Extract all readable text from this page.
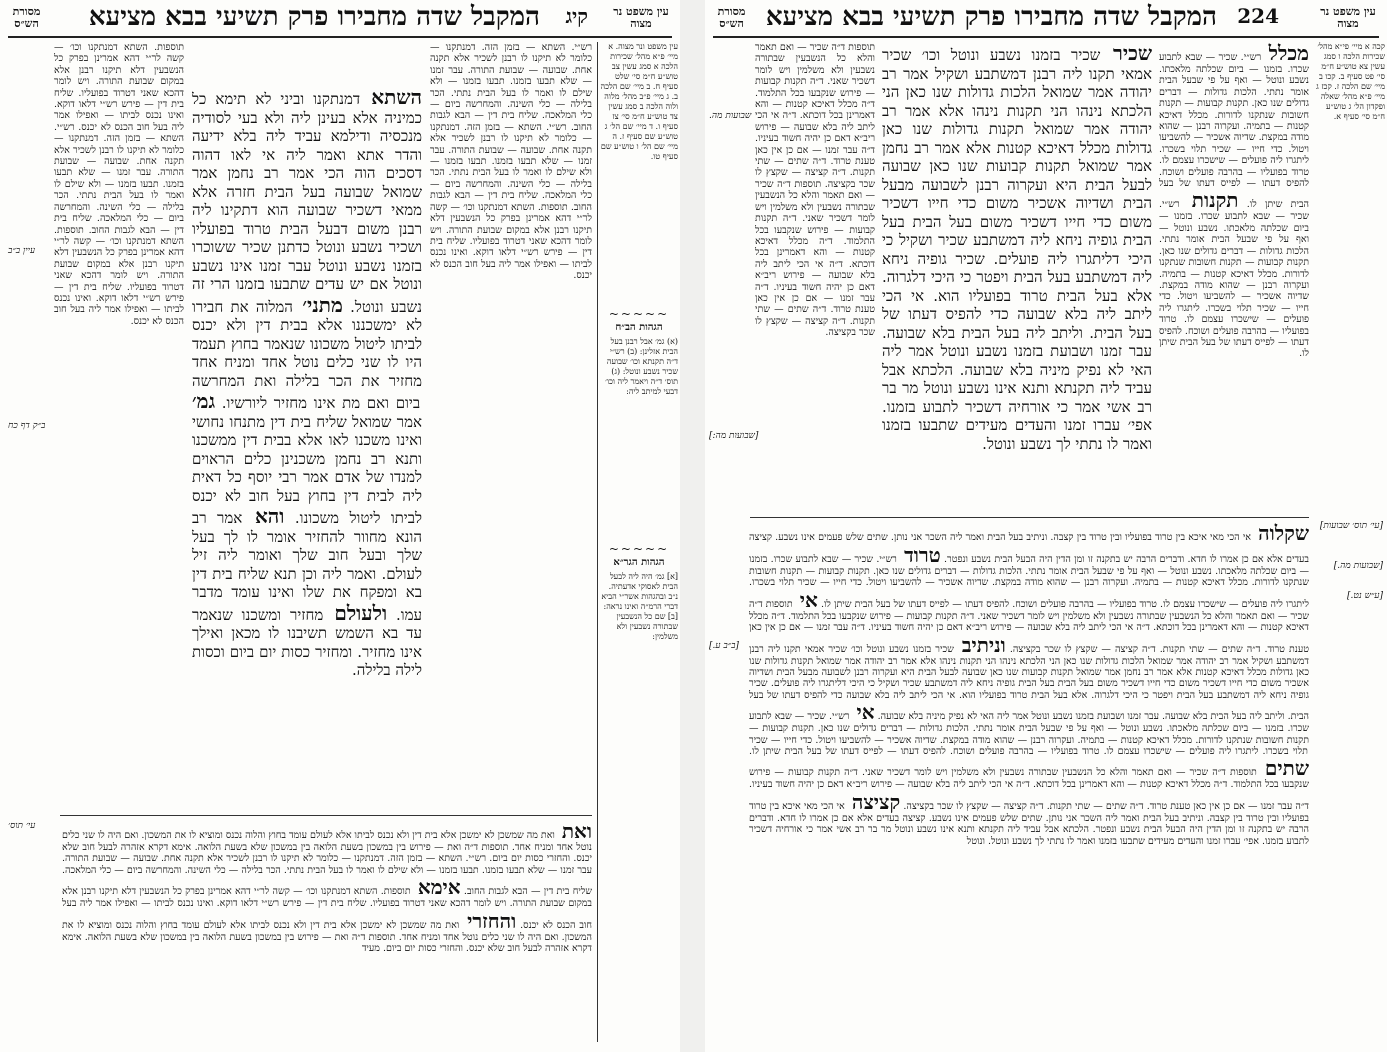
עין משפט נר מצוה
קיג
המקבל שדה מחבירו פרק תשיעי בבא מציעא
מסורת הש״ס
עין משפט ונר מצוה. א מיי׳ פ״א מהל׳ שכירות הלכה א סמג עשין צב טוש״ע ח״מ סי׳ שלט סעיף ח. ב מיי׳ שם הלכה ב. ג מיי׳ פ״ב מהל׳ מלוה ולוה הלכה ב סמג עשין צד טוש״ע ח״מ סי׳ צז סעיף ו. ד מיי׳ שם הל׳ ג טוש״ע שם סעיף ז. ה מיי׳ שם הל׳ ו טוש״ע שם סעיף טו.
~~~~~
הגהות הב״ח
(א) גמ׳ אבל רבנן בעל הבית אזלינן: (ב) רש״י ד״ה תקנתא וכו׳ שבועה שכיר נשבע ונוטל: (ג) תוס׳ ד״ה ויאמר ליה וכו׳ דבעי למיתב ליה:
~~~~~
הגהות הגר״א
[א] גמ׳ היה ליה לבעל הבית לאסוקי אדעתיה. נ״ב ובהגהות אשר״י הביא דברי הרמ״ה ואינו נראה: [ב] שם כל הנשבעין שבתורה נשבעין ולא משלמין:
רש״י. השתא — בזמן הזה. דמנתקנו — כלומר לא תיקנו לו רבנן לשכיר אלא תקנה אחת. שבועה — שבועת התורה. עבר זמנו — שלא תבעו בזמנו. תבעו בזמנו — ולא שילם לו ואמר לו בעל הבית נתתי. הכר בלילה — כלי השינה. והמחרשה ביום — כלי המלאכה. שליח בית דין — הבא לגבות החוב. רש״י. השתא — בזמן הזה. דמנתקנו — כלומר לא תיקנו לו רבנן לשכיר אלא תקנה אחת. שבועה — שבועת התורה. עבר זמנו — שלא תבעו בזמנו. תבעו בזמנו — ולא שילם לו ואמר לו בעל הבית נתתי. הכר בלילה — כלי השינה. והמחרשה ביום — כלי המלאכה. שליח בית דין — הבא לגבות החוב. תוספות. השתא דמנתקנו וכו׳ — קשה לר״י דהא אמרינן בפרק כל הנשבעין דלא תיקנו רבנן אלא במקום שבועת התורה. ויש לומר דהכא שאני דטרוד בפועליו. שליח בית דין — פירש רש״י דלאו דוקא. ואינו נכנס לביתו — ואפילו אמר ליה בעל חוב הכנס לא יכנס.
השתא דמנתקנו וביני לא תימא כל כמיניה אלא בעינן ליה ולא בעי לסודיה מנכסיה ודילמא עביד ליה בלא ידיעה והדר אתא ואמר ליה אי לאו דהוה דסכים הוה הכי אמר רב נחמן אמר שמואל שבועה בעל הבית חזרה אלא ממאי דשכיר שבועה הוא דתקינו ליה רבנן משום דבעל הבית טרוד בפועליו ושכיר נשבע ונוטל כדתנן שכיר ששוכרו בזמנו נשבע ונוטל עבר זמנו אינו נשבע ונוטל אם יש עדים שתבעו בזמנו הרי זה נשבע ונוטל. מתני׳ המלוה את חבירו לא ימשכננו אלא בבית דין ולא יכנס לביתו ליטול משכונו שנאמר בחוץ תעמד היו לו שני כלים נוטל אחד ומניח אחד מחזיר את הכר בלילה ואת המחרשה ביום ואם מת אינו מחזיר ליורשיו. גמ׳ אמר שמואל שליח בית דין מתנחו נחושי ואינו משכנו לאו אלא בבית דין ממשכנו ותנא רב נחמן משכנינן כלים הראוים למנדו של אדם אמר רבי יוסף כל דאית ליה לבית דין בחוץ בעל חוב לא יכנס לביתו ליטול משכונו. והא אמר רב הונא מחוור להחזיר אומר לו לך בעל שלך ובעל חוב שלך ואומר ליה זיל לעולם. ואמר ליה וכן תנא שליח בית דין בא ומפקח את שלו ואינו עומד מדבר עמו. ולעולם מחזיר ומשכנו שנאמר עד בא השמש תשיבנו לו מכאן ואילך אינו מחזיר. ומחזיר כסות יום ביום וכסות לילה בלילה.
תוספות. השתא דמנתקנו וכו׳ — קשה לר״י דהא אמרינן בפרק כל הנשבעין דלא תיקנו רבנן אלא במקום שבועת התורה. ויש לומר דהכא שאני דטרוד בפועליו. שליח בית דין — פירש רש״י דלאו דוקא. ואינו נכנס לביתו — ואפילו אמר ליה בעל חוב הכנס לא יכנס. רש״י. השתא — בזמן הזה. דמנתקנו — כלומר לא תיקנו לו רבנן לשכיר אלא תקנה אחת. שבועה — שבועת התורה. עבר זמנו — שלא תבעו בזמנו. תבעו בזמנו — ולא שילם לו ואמר לו בעל הבית נתתי. הכר בלילה — כלי השינה. והמחרשה ביום — כלי המלאכה. שליח בית דין — הבא לגבות החוב. תוספות. השתא דמנתקנו וכו׳ — קשה לר״י דהא אמרינן בפרק כל הנשבעין דלא תיקנו רבנן אלא במקום שבועת התורה. ויש לומר דהכא שאני דטרוד בפועליו. שליח בית דין — פירש רש״י דלאו דוקא. ואינו נכנס לביתו — ואפילו אמר ליה בעל חוב הכנס לא יכנס.
עיין ב״ב
ב״ק דף כח
עי׳ תוס׳	ואת ואת מה שמשכן לא ימשכן אלא בית דין ולא נכנס לביתו אלא לעולם עומד בחוץ והלוה נכנס ומוציא לו את המשכון. ואם היה לו שני כלים נוטל אחד ומניח אחד. תוספות ד״ה ואת — פירוש בין במשכון בשעת הלואה בין במשכון שלא בשעת הלואה. אימא דקרא אזהרה לבעל חוב שלא יכנס. והחזרי כסות יום ביום. רש״י. השתא — בזמן הזה. דמנתקנו — כלומר לא תיקנו לו רבנן לשכיר אלא תקנה אחת. שבועה — שבועת התורה. עבר זמנו — שלא תבעו בזמנו. תבעו בזמנו — ולא שילם לו ואמר לו בעל הבית נתתי. הכר בלילה — כלי השינה. והמחרשה ביום — כלי המלאכה. שליח בית דין — הבא לגבות החוב. אימא תוספות. השתא דמנתקנו וכו׳ — קשה לר״י דהא אמרינן בפרק כל הנשבעין דלא תיקנו רבנן אלא במקום שבועת התורה. ויש לומר דהכא שאני דטרוד בפועליו. שליח בית דין — פירש רש״י דלאו דוקא. ואינו נכנס לביתו — ואפילו אמר ליה בעל חוב הכנס לא יכנס. והחזרי ואת מה שמשכן לא ימשכן אלא בית דין ולא נכנס לביתו אלא לעולם עומד בחוץ והלוה נכנס ומוציא לו את המשכון. ואם היה לו שני כלים נוטל אחד ומניח אחד. תוספות ד״ה ואת — פירוש בין במשכון בשעת הלואה בין במשכון שלא בשעת הלואה. אימא דקרא אזהרה לבעל חוב שלא יכנס. והחזרי כסות יום ביום. מעיד
עין משפט נר מצוה
224
המקבל שדה מחבירו פרק תשיעי בבא מציעא
מסורת הש״ס
קכה א מיי׳ פי״א מהל׳ שכירות הלכה ו סמג עשין צא טוש״ע ח״מ סי׳ פט סעיף ב. קכו ב מיי׳ שם הלכה ז. קכז ג מיי׳ פ״א מהל׳ שאלה ופקדון הל׳ ג טוש״ע ח״מ סי׳ סעיף א.
מכלל רש״י. שכיר — שבא לתבוע שכרו. בזמנו — ביום שכלתה מלאכתו. נשבע ונוטל — ואף על פי שבעל הבית אומר נתתי. הלכות גדולות — דברים גדולים שנו כאן. תקנות קבועות — תקנות חשובות שנתקנו לדורות. מכלל דאיכא קטנות — בתמיה. ועקרוה רבנן — שהוא מודה במקצת. שדיוה אשכיר — להשביעו ויטול. כדי חייו — שכיר תלוי בשכרו. ליתגרו ליה פועלים — שישכרו עצמם לו. טרוד בפועליו — בהרבה פועלים ושוכח. להפיס דעתו — לפייס דעתו של בעל הבית שיתן לו. תקנות רש״י. שכיר — שבא לתבוע שכרו. בזמנו — ביום שכלתה מלאכתו. נשבע ונוטל — ואף על פי שבעל הבית אומר נתתי. הלכות גדולות — דברים גדולים שנו כאן. תקנות קבועות — תקנות חשובות שנתקנו לדורות. מכלל דאיכא קטנות — בתמיה. ועקרוה רבנן — שהוא מודה במקצת. שדיוה אשכיר — להשביעו ויטול. כדי חייו — שכיר תלוי בשכרו. ליתגרו ליה פועלים — שישכרו עצמם לו. טרוד בפועליו — בהרבה פועלים ושוכח. להפיס דעתו — לפייס דעתו של בעל הבית שיתן לו.
שכיר שכיר בזמנו נשבע ונוטל וכו׳ שכיר אמאי תקנו ליה רבנן דמשתבע ושקיל אמר רב יהודה אמר שמואל הלכות גדולות שנו כאן הני הלכתא נינהו הני תקנות נינהו אלא אמר רב יהודה אמר שמואל תקנות גדולות שנו כאן גדולות מכלל דאיכא קטנות אלא אמר רב נחמן אמר שמואל תקנות קבועות שנו כאן שבועה לבעל הבית היא ועקרוה רבנן לשבועה מבעל הבית ושדיוה אשכיר משום כדי חייו דשכיר משום כדי חייו דשכיר משום בעל הבית בעל הבית גופיה ניחא ליה דמשתבע שכיר ושקיל כי היכי דליתגרו ליה פועלים. שכיר גופיה ניחא ליה דמשתבע בעל הבית ויפטר כי היכי דלגרוה. אלא בעל הבית טרוד בפועליו הוא. אי הכי ליתב ליה בלא שבועה כדי להפיס דעתו של בעל הבית. וליתב ליה בעל הבית בלא שבועה. עבר זמנו ושבועת בזמנו נשבע ונוטל אמר ליה האי לא נפיק מיניה בלא שבועה. הלכתא אבל עביד ליה תקנתא ותנא אינו נשבע ונוטל מר בר רב אשי אמר כי אורחיה דשכיר לתבוע בזמנו. אפי׳ עברו זמנו והעדים מעידים שתבעו בזמנו ואמר לו נתתי לך נשבע ונוטל.
תוספות ד״ה שכיר — ואם תאמר והלא כל הנשבעין שבתורה נשבעין ולא משלמין ויש לומר דשכיר שאני. ד״ה תקנות קבועות — פירוש שנקבעו בכל התלמוד. ד״ה מכלל דאיכא קטנות — והא דאמרינן בכל דוכתא. ד״ה אי הכי ליתב ליה בלא שבועה — פירוש ריב״א דאם כן יהיה חשוד בעיניו. ד״ה עבר זמנו — אם כן אין כאן טענת טרוד. ד״ה שתים — שתי תקנות. ד״ה קציצה — שקצץ לו שכר בקציצה. תוספות ד״ה שכיר — ואם תאמר והלא כל הנשבעין שבתורה נשבעין ולא משלמין ויש לומר דשכיר שאני. ד״ה תקנות קבועות — פירוש שנקבעו בכל התלמוד. ד״ה מכלל דאיכא קטנות — והא דאמרינן בכל דוכתא. ד״ה אי הכי ליתב ליה בלא שבועה — פירוש ריב״א דאם כן יהיה חשוד בעיניו. ד״ה עבר זמנו — אם כן אין כאן טענת טרוד. ד״ה שתים — שתי תקנות. ד״ה קציצה — שקצץ לו שכר בקציצה.
שבועות מה.
[שבועות מה:]
[עי׳ תוס׳ שבועות]
[שבועות מה.]
[ב״ב ע.]
[ע״ש נט.]
שקלוה אי הכי מאי איכא בין טרוד בפועליו ובין טרוד בין קצבה. וניתיב בעל הבית ואמר ליה השכר אני נותן. שתים שלש פעמים אינו נשבע. קציצה בעדים אלא אם כן אמרו לו חדא. ודברים הרבה יש בתקנה זו ומן הדין היה הבעל הבית נשבע ונפטר. טרוד רש״י. שכיר — שבא לתבוע שכרו. בזמנו — ביום שכלתה מלאכתו. נשבע ונוטל — ואף על פי שבעל הבית אומר נתתי. הלכות גדולות — דברים גדולים שנו כאן. תקנות קבועות — תקנות חשובות שנתקנו לדורות. מכלל דאיכא קטנות — בתמיה. ועקרוה רבנן — שהוא מודה במקצת. שדיוה אשכיר — להשביעו ויטול. כדי חייו — שכיר תלוי בשכרו. ליתגרו ליה פועלים — שישכרו עצמם לו. טרוד בפועליו — בהרבה פועלים ושוכח. להפיס דעתו — לפייס דעתו של בעל הבית שיתן לו. אי תוספות ד״ה שכיר — ואם תאמר והלא כל הנשבעין שבתורה נשבעין ולא משלמין ויש לומר דשכיר שאני. ד״ה תקנות קבועות — פירוש שנקבעו בכל התלמוד. ד״ה מכלל דאיכא קטנות — והא דאמרינן בכל דוכתא. ד״ה אי הכי ליתב ליה בלא שבועה — פירוש ריב״א דאם כן יהיה חשוד בעיניו. ד״ה עבר זמנו — אם כן אין כאן טענת טרוד. ד״ה שתים — שתי תקנות. ד״ה קציצה — שקצץ לו שכר בקציצה. וניתיב שכיר בזמנו נשבע ונוטל וכו׳ שכיר אמאי תקנו ליה רבנן דמשתבע ושקיל אמר רב יהודה אמר שמואל הלכות גדולות שנו כאן הני הלכתא נינהו הני תקנות נינהו אלא אמר רב יהודה אמר שמואל תקנות גדולות שנו כאן גדולות מכלל דאיכא קטנות אלא אמר רב נחמן אמר שמואל תקנות קבועות שנו כאן שבועה לבעל הבית היא ועקרוה רבנן לשבועה מבעל הבית ושדיוה אשכיר משום כדי חייו דשכיר משום כדי חייו דשכיר משום בעל הבית בעל הבית גופיה ניחא ליה דמשתבע שכיר ושקיל כי היכי דליתגרו ליה פועלים. שכיר גופיה ניחא ליה דמשתבע בעל הבית ויפטר כי היכי דלגרוה. אלא בעל הבית טרוד בפועליו הוא. אי הכי ליתב ליה בלא שבועה כדי להפיס דעתו של בעל הבית. וליתב ליה בעל הבית בלא שבועה. עבר זמנו ושבועת בזמנו נשבע ונוטל אמר ליה האי לא נפיק מיניה בלא שבועה. אי רש״י. שכיר — שבא לתבוע שכרו. בזמנו — ביום שכלתה מלאכתו. נשבע ונוטל — ואף על פי שבעל הבית אומר נתתי. הלכות גדולות — דברים גדולים שנו כאן. תקנות קבועות — תקנות חשובות שנתקנו לדורות. מכלל דאיכא קטנות — בתמיה. ועקרוה רבנן — שהוא מודה במקצת. שדיוה אשכיר — להשביעו ויטול. כדי חייו — שכיר תלוי בשכרו. ליתגרו ליה פועלים — שישכרו עצמם לו. טרוד בפועליו — בהרבה פועלים ושוכח. להפיס דעתו — לפייס דעתו של בעל הבית שיתן לו. שתים תוספות ד״ה שכיר — ואם תאמר והלא כל הנשבעין שבתורה נשבעין ולא משלמין ויש לומר דשכיר שאני. ד״ה תקנות קבועות — פירוש שנקבעו בכל התלמוד. ד״ה מכלל דאיכא קטנות — והא דאמרינן בכל דוכתא. ד״ה אי הכי ליתב ליה בלא שבועה — פירוש ריב״א דאם כן יהיה חשוד בעיניו. ד״ה עבר זמנו — אם כן אין כאן טענת טרוד. ד״ה שתים — שתי תקנות. ד״ה קציצה — שקצץ לו שכר בקציצה. קציצה אי הכי מאי איכא בין טרוד בפועליו ובין טרוד בין קצבה. וניתיב בעל הבית ואמר ליה השכר אני נותן. שתים שלש פעמים אינו נשבע. קציצה בעדים אלא אם כן אמרו לו חדא. ודברים הרבה יש בתקנה זו ומן הדין היה הבעל הבית נשבע ונפטר. הלכתא אבל עביד ליה תקנתא ותנא אינו נשבע ונוטל מר בר רב אשי אמר כי אורחיה דשכיר לתבוע בזמנו. אפי׳ עברו זמנו והעדים מעידים שתבעו בזמנו ואמר לו נתתי לך נשבע ונוטל. ונוטל
